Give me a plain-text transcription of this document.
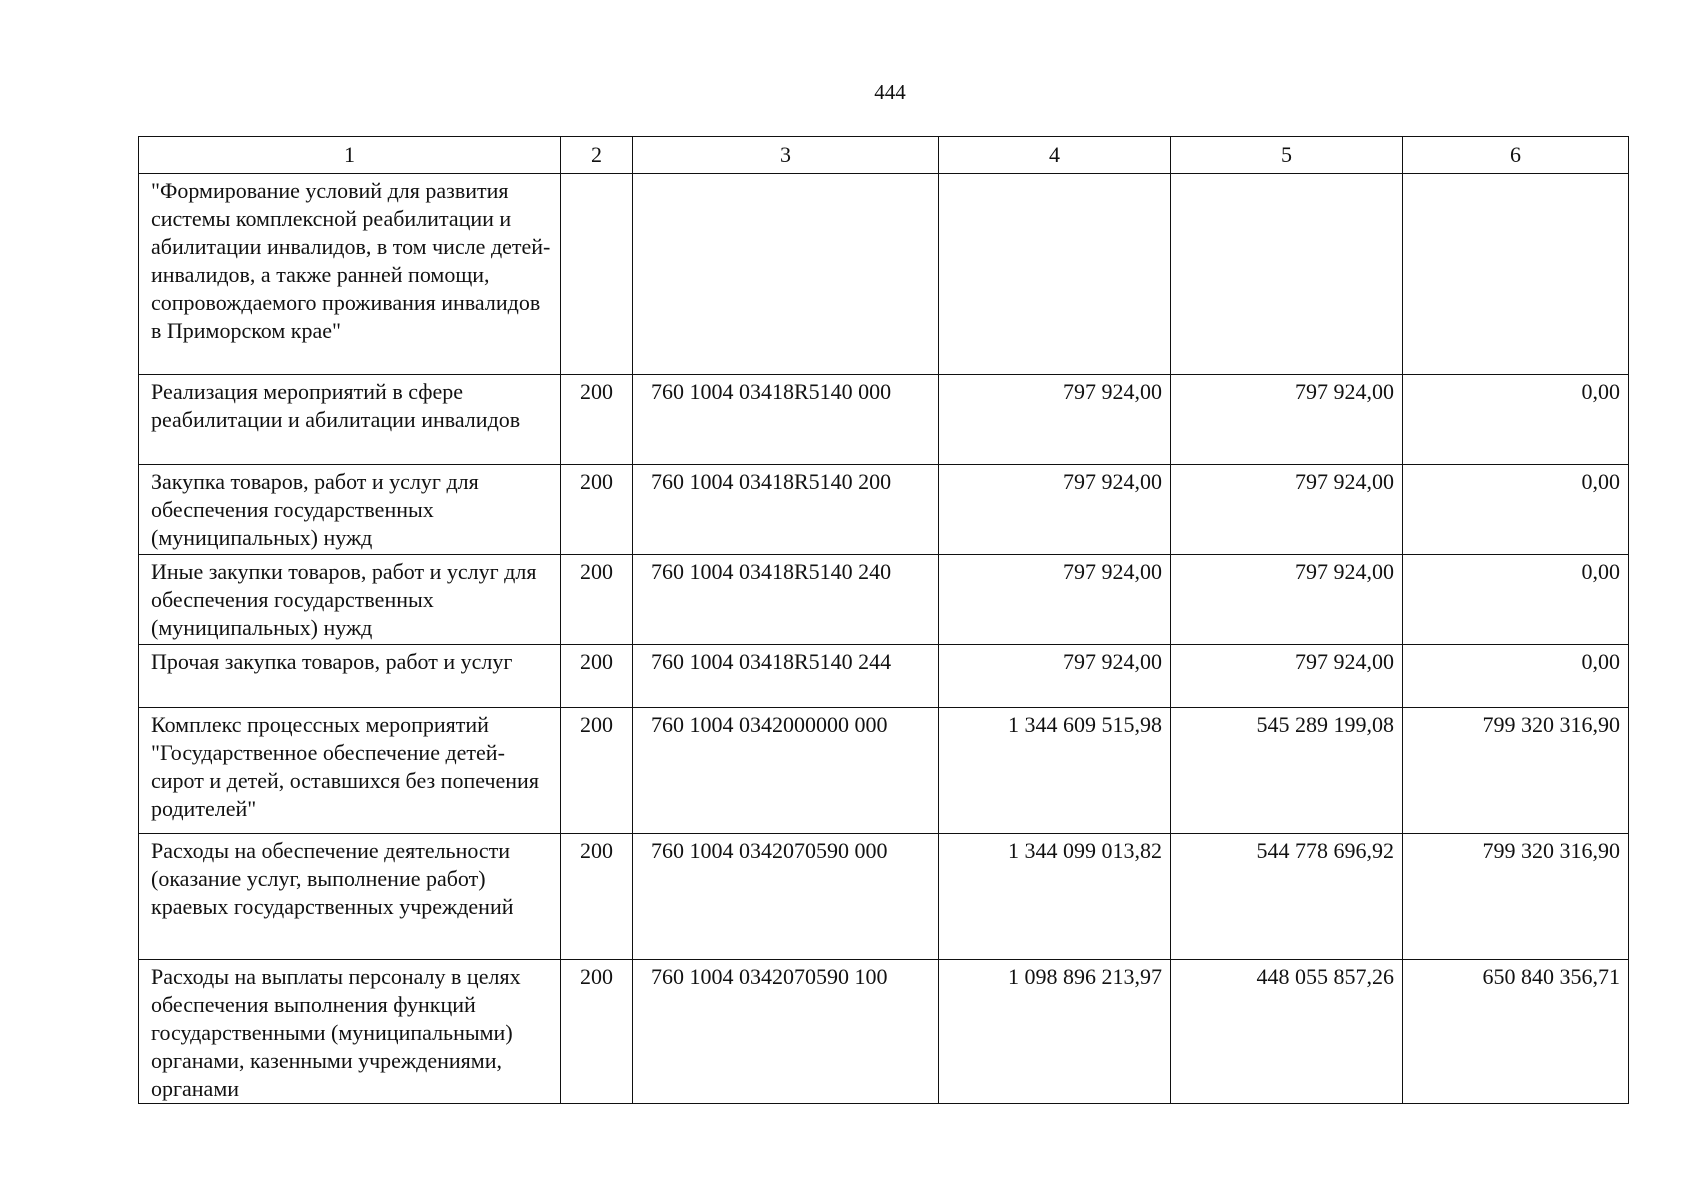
444
1	2	3	4	5	6
"Формирование условий для развития системы комплексной реабилитации и абилитации инвалидов, в том числе детей-инвалидов, а также ранней помощи, сопровождаемого проживания инвалидов в Приморском крае"					
Реализация мероприятий в сфере реабилитации и абилитации инвалидов	200	760 1004 03418R5140 000	797 924,00	797 924,00	0,00
Закупка товаров, работ и услуг для обеспечения государственных (муниципальных) нужд	200	760 1004 03418R5140 200	797 924,00	797 924,00	0,00
Иные закупки товаров, работ и услуг для обеспечения государственных (муниципальных) нужд	200	760 1004 03418R5140 240	797 924,00	797 924,00	0,00
Прочая закупка товаров, работ и услуг	200	760 1004 03418R5140 244	797 924,00	797 924,00	0,00
Комплекс процессных мероприятий "Государственное обеспечение детей-сирот и детей, оставшихся без попечения родителей"	200	760 1004 0342000000 000	1 344 609 515,98	545 289 199,08	799 320 316,90
Расходы на обеспечение деятельности (оказание услуг, выполнение работ) краевых государственных учреждений	200	760 1004 0342070590 000	1 344 099 013,82	544 778 696,92	799 320 316,90
Расходы на выплаты персоналу в целях обеспечения выполнения функций государственными (муниципальными) органами, казенными учреждениями, органами	200	760 1004 0342070590 100	1 098 896 213,97	448 055 857,26	650 840 356,71
